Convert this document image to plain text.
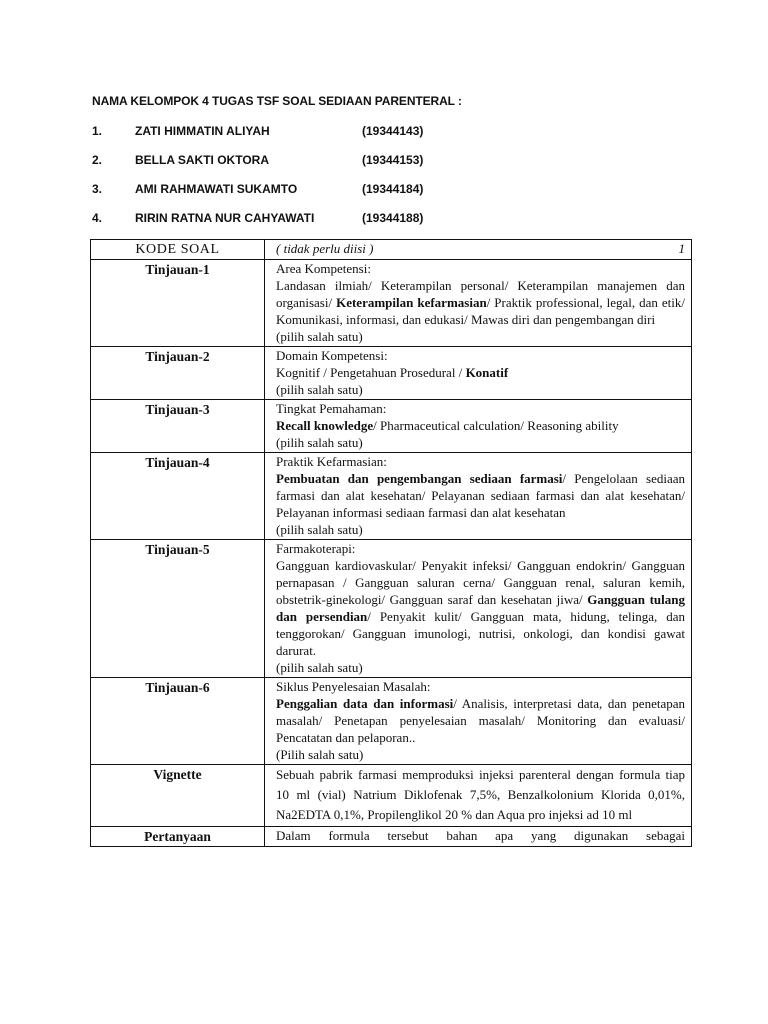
NAMA KELOMPOK 4 TUGAS TSF SOAL SEDIAAN PARENTERAL :
1.	ZATI HIMMATIN ALIYAH	(19344143)
2.	BELLA SAKTI OKTORA	(19344153)
3.	AMI RAHMAWATI SUKAMTO	(19344184)
4.	RIRIN RATNA NUR CAHYAWATI	(19344188)
KODE SOAL	( tidak perlu diisi ) 1

Tinjauan-1	Area Kompetensi:
Landasan ilmiah/ Keterampilan personal/ Keterampilan manajemen dan organisasi/ Keterampilan kefarmasian/ Praktik professional, legal, dan etik/ Komunikasi, informasi, dan edukasi/ Mawas diri dan pengembangan diri
(pilih salah satu)

Tinjauan-2	Domain Kompetensi:
Kognitif / Pengetahuan Prosedural / Konatif
(pilih salah satu)

Tinjauan-3	Tingkat Pemahaman:
Recall knowledge/ Pharmaceutical calculation/ Reasoning ability
(pilih salah satu)

Tinjauan-4	Praktik Kefarmasian:
Pembuatan dan pengembangan sediaan farmasi/ Pengelolaan sediaan farmasi dan alat kesehatan/ Pelayanan sediaan farmasi dan alat kesehatan/ Pelayanan informasi sediaan farmasi dan alat kesehatan
(pilih salah satu)

Tinjauan-5	Farmakoterapi:
Gangguan kardiovaskular/ Penyakit infeksi/ Gangguan endokrin/ Gangguan pernapasan / Gangguan saluran cerna/ Gangguan renal, saluran kemih, obstetrik-ginekologi/ Gangguan saraf dan kesehatan jiwa/ Gangguan tulang dan persendian/ Penyakit kulit/ Gangguan mata, hidung, telinga, dan tenggorokan/ Gangguan imunologi, nutrisi, onkologi, dan kondisi gawat darurat.
(pilih salah satu)

Tinjauan-6	Siklus Penyelesaian Masalah:
Penggalian data dan informasi/ Analisis, interpretasi data, dan penetapan masalah/ Penetapan penyelesaian masalah/ Monitoring dan evaluasi/ Pencatatan dan pelaporan..
(Pilih salah satu)

Vignette	Sebuah pabrik farmasi memproduksi injeksi parenteral dengan formula tiap 10 ml (vial) Natrium Diklofenak 7,5%, Benzalkolonium Klorida 0,01%, Na2EDTA 0,1%, Propilenglikol 20 % dan Aqua pro injeksi ad 10 ml
Pertanyaan	Dalam formula tersebut bahan apa yang digunakan sebagai
